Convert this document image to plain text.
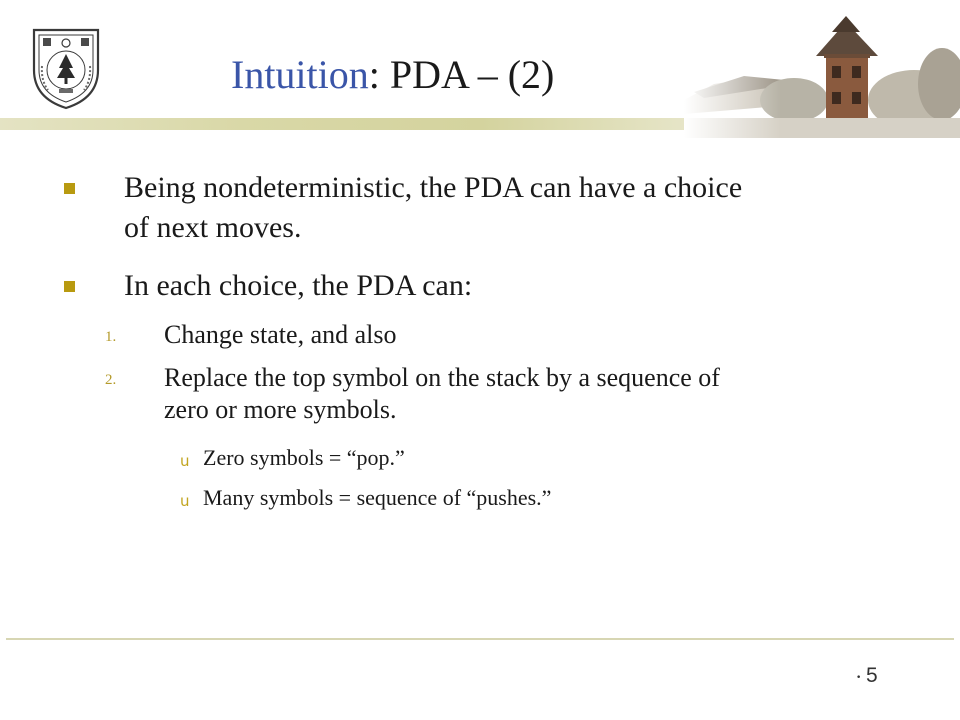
Intuition: PDA – (2)
Being nondeterministic, the PDA can have a choice
of next moves.
In each choice, the PDA can:
1. Change state, and also
2. Replace the top symbol on the stack by a sequence of
zero or more symbols.
u Zero symbols = “pop.”
u Many symbols = sequence of “pushes.”
• 5
